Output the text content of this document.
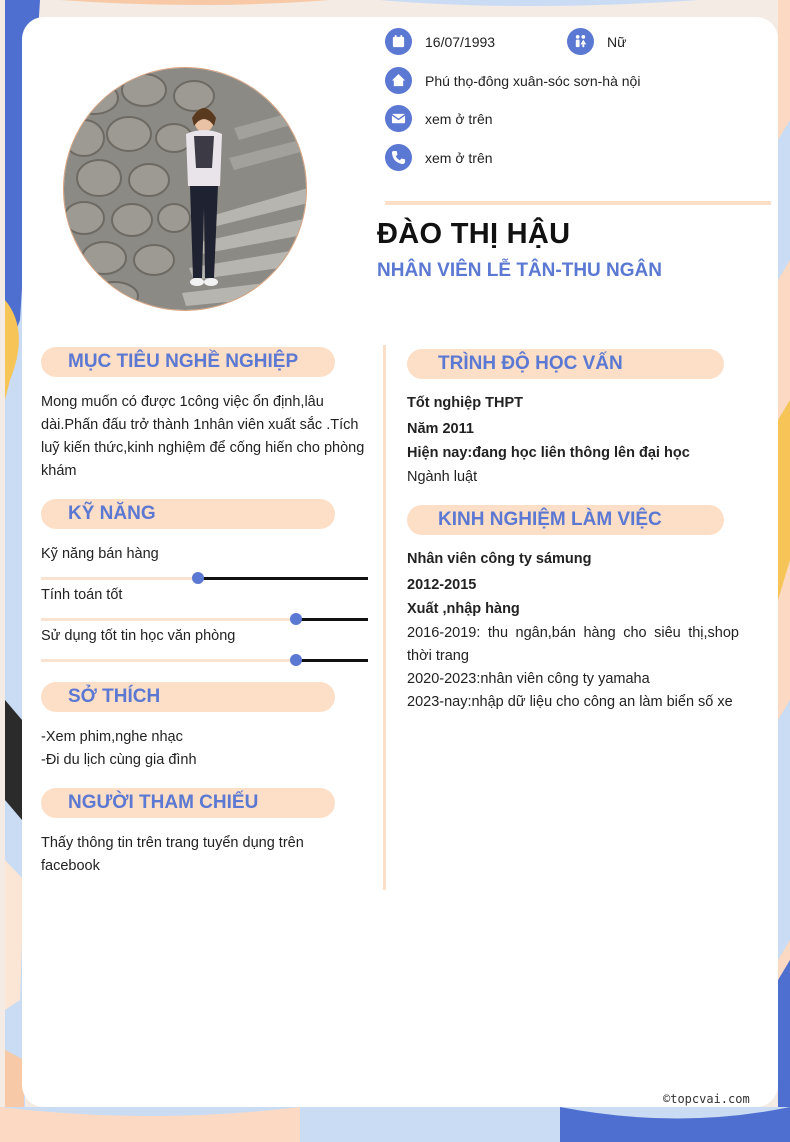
16/07/1993	Nữ
Phú thọ-đông xuân-sóc sơn-hà nội
xem ở trên
xem ở trên
ĐÀO THỊ HẬU
NHÂN VIÊN LỄ TÂN-THU NGÂN
MỤC TIÊU NGHỀ NGHIỆP
Mong muốn có được 1công việc ổn định,lâu dài.Phấn đấu trở thành 1nhân viên xuất sắc .Tích luỹ kiến thức,kinh nghiệm để cống hiến cho phòng khám
KỸ NĂNG
Kỹ năng bán hàng
Tính toán tốt
Sử dụng tốt tin học văn phòng
SỞ THÍCH
-Xem phim,nghe nhạc
-Đi du lịch cùng gia đình
NGƯỜI THAM CHIẾU
Thấy thông tin trên trang tuyển dụng trên facebook
TRÌNH ĐỘ HỌC VẤN
Tốt nghiệp THPT
Năm 2011
Hiện nay:đang học liên thông lên đại học
Ngành luật
KINH NGHIỆM LÀM VIỆC
Nhân viên công ty sámung
2012-2015
Xuất ,nhập hàng
2016-2019: thu ngân,bán hàng cho siêu thị,shop thời trang
2020-2023:nhân viên công ty yamaha
2023-nay:nhập dữ liệu cho công an làm biển số xe
©topcvai.com
